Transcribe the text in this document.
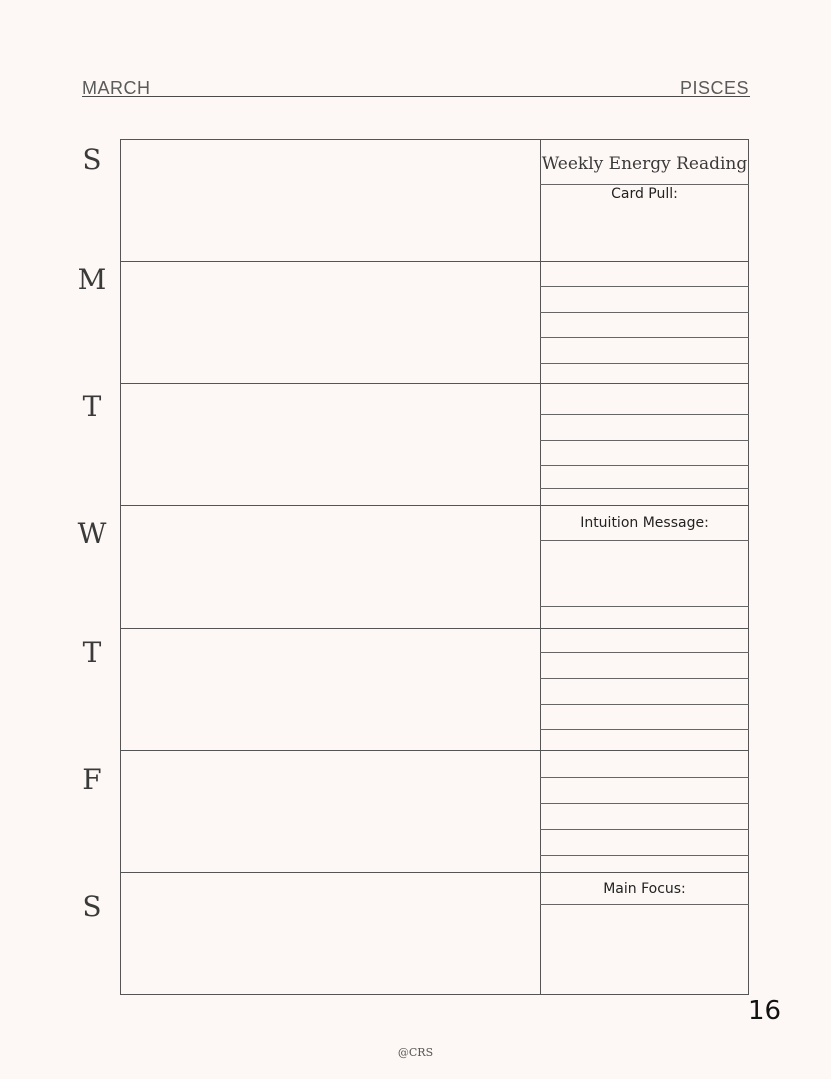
MARCH	PISCES
S
M
T
W
T
F
S
Weekly Energy Reading
Card Pull:
Intuition Message:
Main Focus:
16
@CRS
